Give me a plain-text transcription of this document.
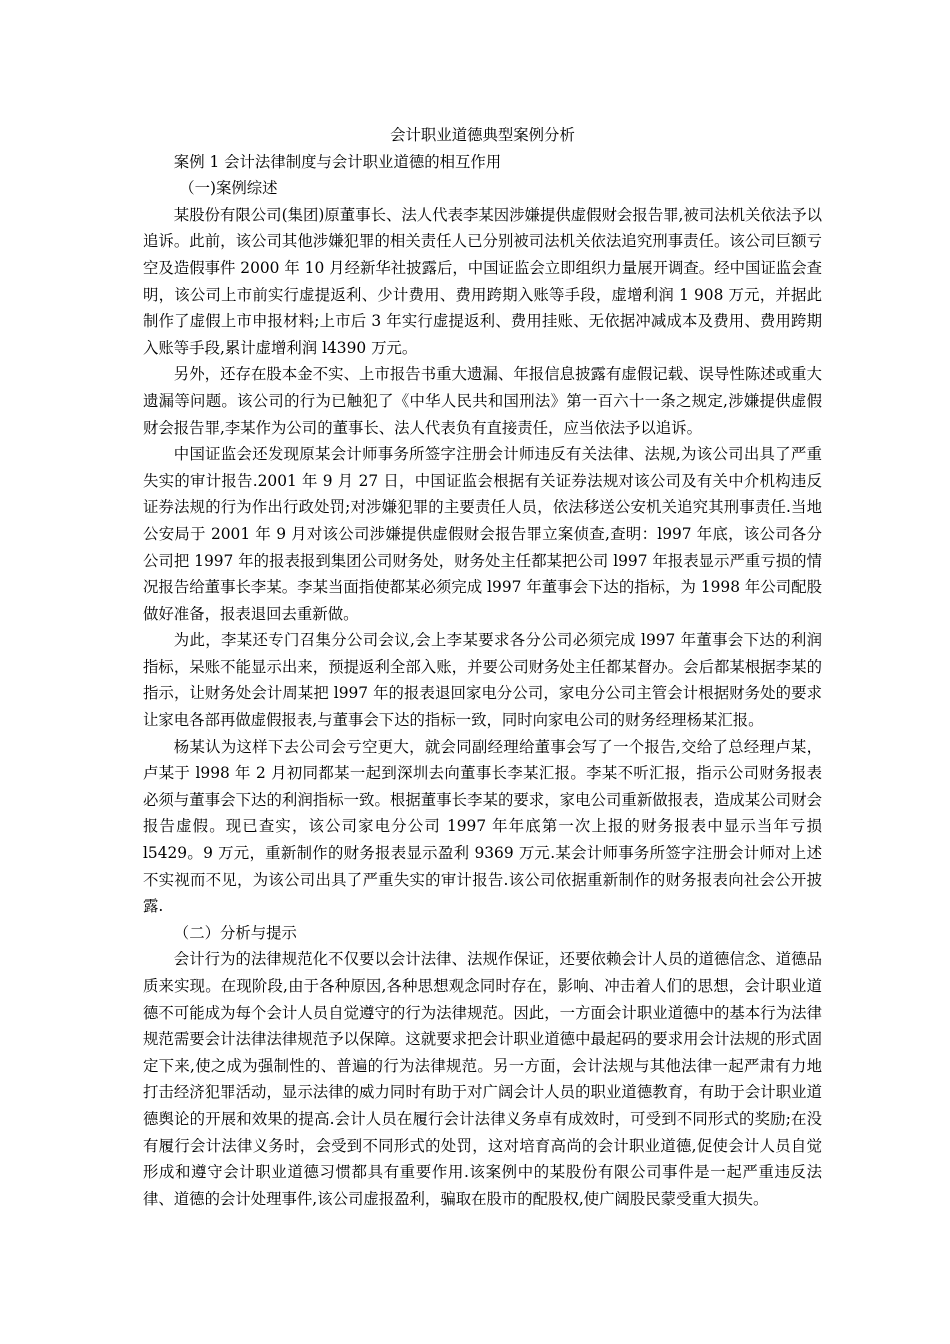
会计职业道德典型案例分析

案例 1 会计法律制度与会计职业道德的相互作用

（一)案例综述

某股份有限公司(集团)原董事长、法人代表李某因涉嫌提供虚假财会报告罪,被司法机关依法予以追诉。此前，该公司其他涉嫌犯罪的相关责任人已分别被司法机关依法追究刑事责任。该公司巨额亏空及造假事件 2000 年 10 月经新华社披露后，中国证监会立即组织力量展开调查。经中国证监会查明，该公司上市前实行虚提返利、少计费用、费用跨期入账等手段，虚增利润 1 908 万元，并据此制作了虚假上市申报材料;上市后 3 年实行虚提返利、费用挂账、无依据冲减成本及费用、费用跨期入账等手段,累计虚增利润 l4390 万元。

另外，还存在股本金不实、上市报告书重大遗漏、年报信息披露有虚假记载、误导性陈述或重大遗漏等问题。该公司的行为已触犯了《中华人民共和国刑法》第一百六十一条之规定,涉嫌提供虚假财会报告罪,李某作为公司的董事长、法人代表负有直接责任，应当依法予以追诉。

中国证监会还发现原某会计师事务所签字注册会计师违反有关法律、法规,为该公司出具了严重失实的审计报告.2001 年 9 月 27 日，中国证监会根据有关证券法规对该公司及有关中介机构违反证券法规的行为作出行政处罚;对涉嫌犯罪的主要责任人员，依法移送公安机关追究其刑事责任.当地公安局于 2001 年 9 月对该公司涉嫌提供虚假财会报告罪立案侦查,查明：l997 年底，该公司各分公司把 1997 年的报表报到集团公司财务处，财务处主任都某把公司 l997 年报表显示严重亏损的情况报告给董事长李某。李某当面指使都某必须完成 l997 年董事会下达的指标，为 1998 年公司配股做好准备，报表退回去重新做。

为此，李某还专门召集分公司会议,会上李某要求各分公司必须完成 l997 年董事会下达的利润指标，呆账不能显示出来，预提返利全部入账，并要公司财务处主任都某督办。会后都某根据李某的指示，让财务处会计周某把 l997 年的报表退回家电分公司，家电分公司主管会计根据财务处的要求让家电各部再做虚假报表,与董事会下达的指标一致，同时向家电公司的财务经理杨某汇报。

杨某认为这样下去公司会亏空更大，就会同副经理给董事会写了一个报告,交给了总经理卢某，卢某于 l998 年 2 月初同都某一起到深圳去向董事长李某汇报。李某不听汇报，指示公司财务报表必须与董事会下达的利润指标一致。根据董事长李某的要求，家电公司重新做报表，造成某公司财会报告虚假。现已查实，该公司家电分公司 1997 年年底第一次上报的财务报表中显示当年亏损 l5429。9 万元，重新制作的财务报表显示盈利 9369 万元.某会计师事务所签字注册会计师对上述不实视而不见，为该公司出具了严重失实的审计报告.该公司依据重新制作的财务报表向社会公开披露.

（二）分析与提示

会计行为的法律规范化不仅要以会计法律、法规作保证，还要依赖会计人员的道德信念、道德品质来实现。在现阶段,由于各种原因,各种思想观念同时存在，影响、冲击着人们的思想，会计职业道德不可能成为每个会计人员自觉遵守的行为法律规范。因此，一方面会计职业道德中的基本行为法律规范需要会计法律法律规范予以保障。这就要求把会计职业道德中最起码的要求用会计法规的形式固定下来,使之成为强制性的、普遍的行为法律规范。另一方面，会计法规与其他法律一起严肃有力地打击经济犯罪活动，显示法律的威力同时有助于对广阔会计人员的职业道德教育，有助于会计职业道德舆论的开展和效果的提高.会计人员在履行会计法律义务卓有成效时，可受到不同形式的奖励;在没有履行会计法律义务时，会受到不同形式的处罚，这对培育高尚的会计职业道德,促使会计人员自觉形成和遵守会计职业道德习惯都具有重要作用.该案例中的某股份有限公司事件是一起严重违反法律、道德的会计处理事件,该公司虚报盈利，骗取在股市的配股权,使广阔股民蒙受重大损失。
